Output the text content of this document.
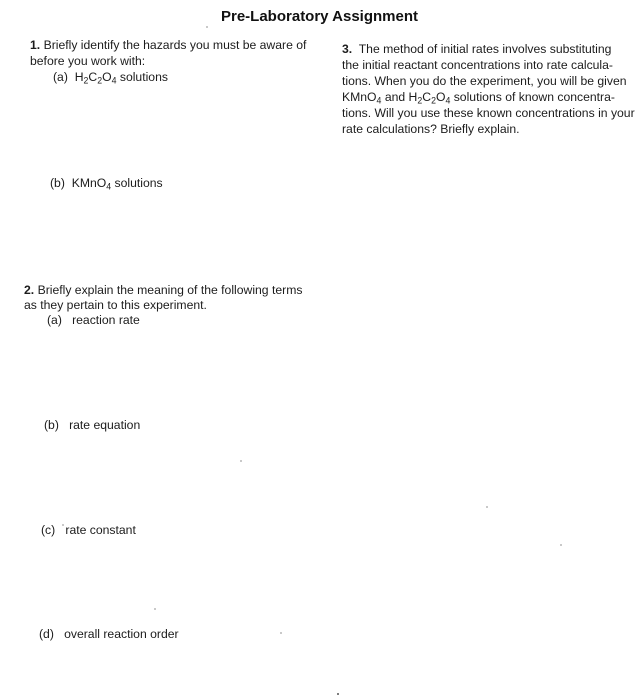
Pre-Laboratory Assignment
1. Briefly identify the hazards you must be aware of
before you work with:
(a) $H_2C_2O_4$ solutions
(b) KMnO$_4$ solutions
2. Briefly explain the meaning of the following terms
as they pertain to this experiment.
(a) reaction rate
(b) rate equation
(c) rate constant
(d) overall reaction order
3. The method of initial rates involves substituting
the initial reactant concentrations into rate calcula-
tions. When you do the experiment, you will be given
KMnO$_4$ and $H_2C_2O_4$ solutions of known concentra-
tions. Will you use these known concentrations in your
rate calculations? Briefly explain.
